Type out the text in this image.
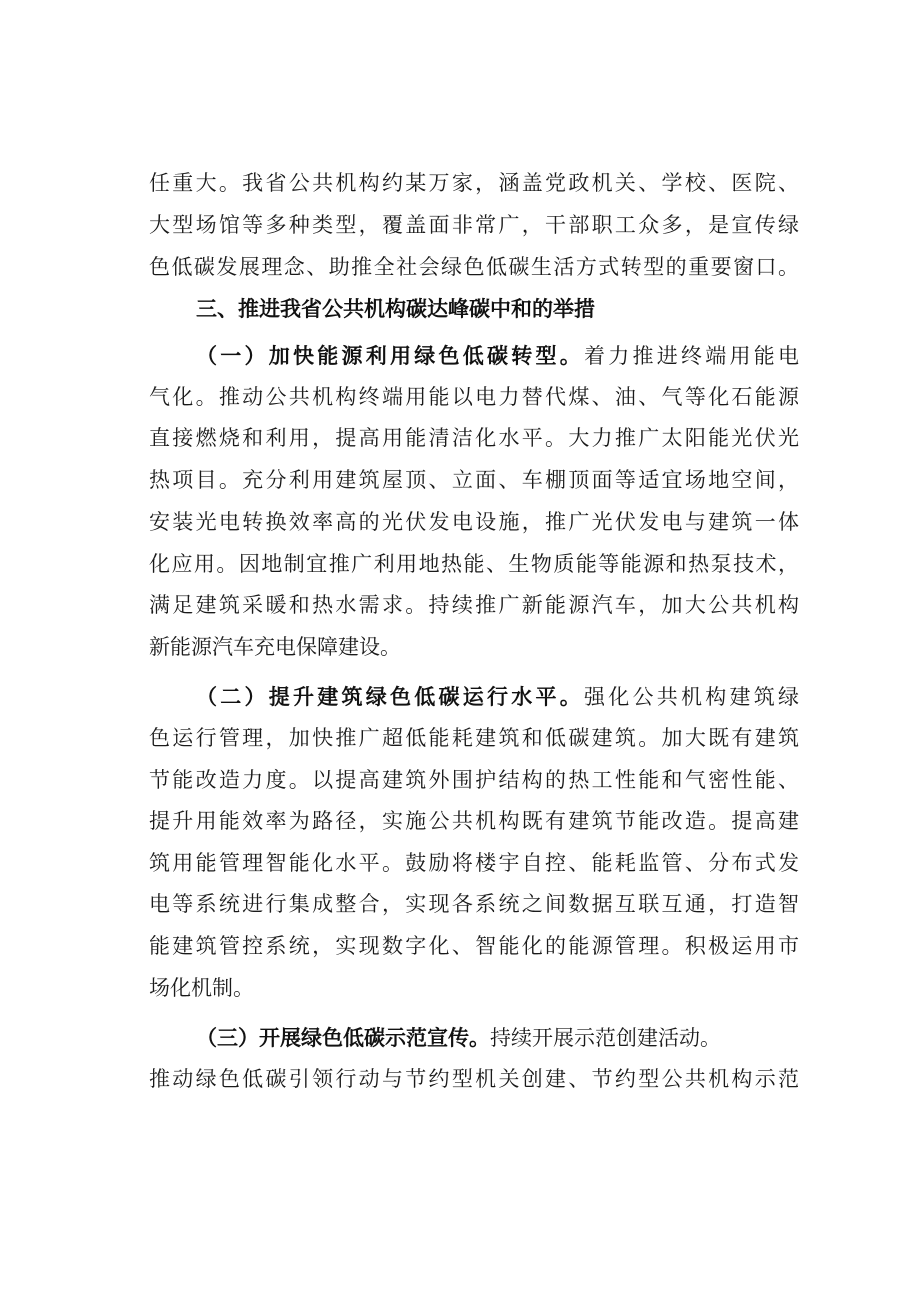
任重大。我省公共机构约某万家，涵盖党政机关、学校、医院、
大型场馆等多种类型，覆盖面非常广，干部职工众多，是宣传绿
色低碳发展理念、助推全社会绿色低碳生活方式转型的重要窗口。
三、推进我省公共机构碳达峰碳中和的举措
（一）加快能源利用绿色低碳转型。着力推进终端用能电
气化。推动公共机构终端用能以电力替代煤、油、气等化石能源
直接燃烧和利用，提高用能清洁化水平。大力推广太阳能光伏光
热项目。充分利用建筑屋顶、立面、车棚顶面等适宜场地空间，
安装光电转换效率高的光伏发电设施，推广光伏发电与建筑一体
化应用。因地制宜推广利用地热能、生物质能等能源和热泵技术，
满足建筑采暖和热水需求。持续推广新能源汽车，加大公共机构
新能源汽车充电保障建设。
（二）提升建筑绿色低碳运行水平。强化公共机构建筑绿
色运行管理，加快推广超低能耗建筑和低碳建筑。加大既有建筑
节能改造力度。以提高建筑外围护结构的热工性能和气密性能、
提升用能效率为路径，实施公共机构既有建筑节能改造。提高建
筑用能管理智能化水平。鼓励将楼宇自控、能耗监管、分布式发
电等系统进行集成整合，实现各系统之间数据互联互通，打造智
能建筑管控系统，实现数字化、智能化的能源管理。积极运用市
场化机制。
（三）开展绿色低碳示范宣传。持续开展示范创建活动。
推动绿色低碳引领行动与节约型机关创建、节约型公共机构示范
